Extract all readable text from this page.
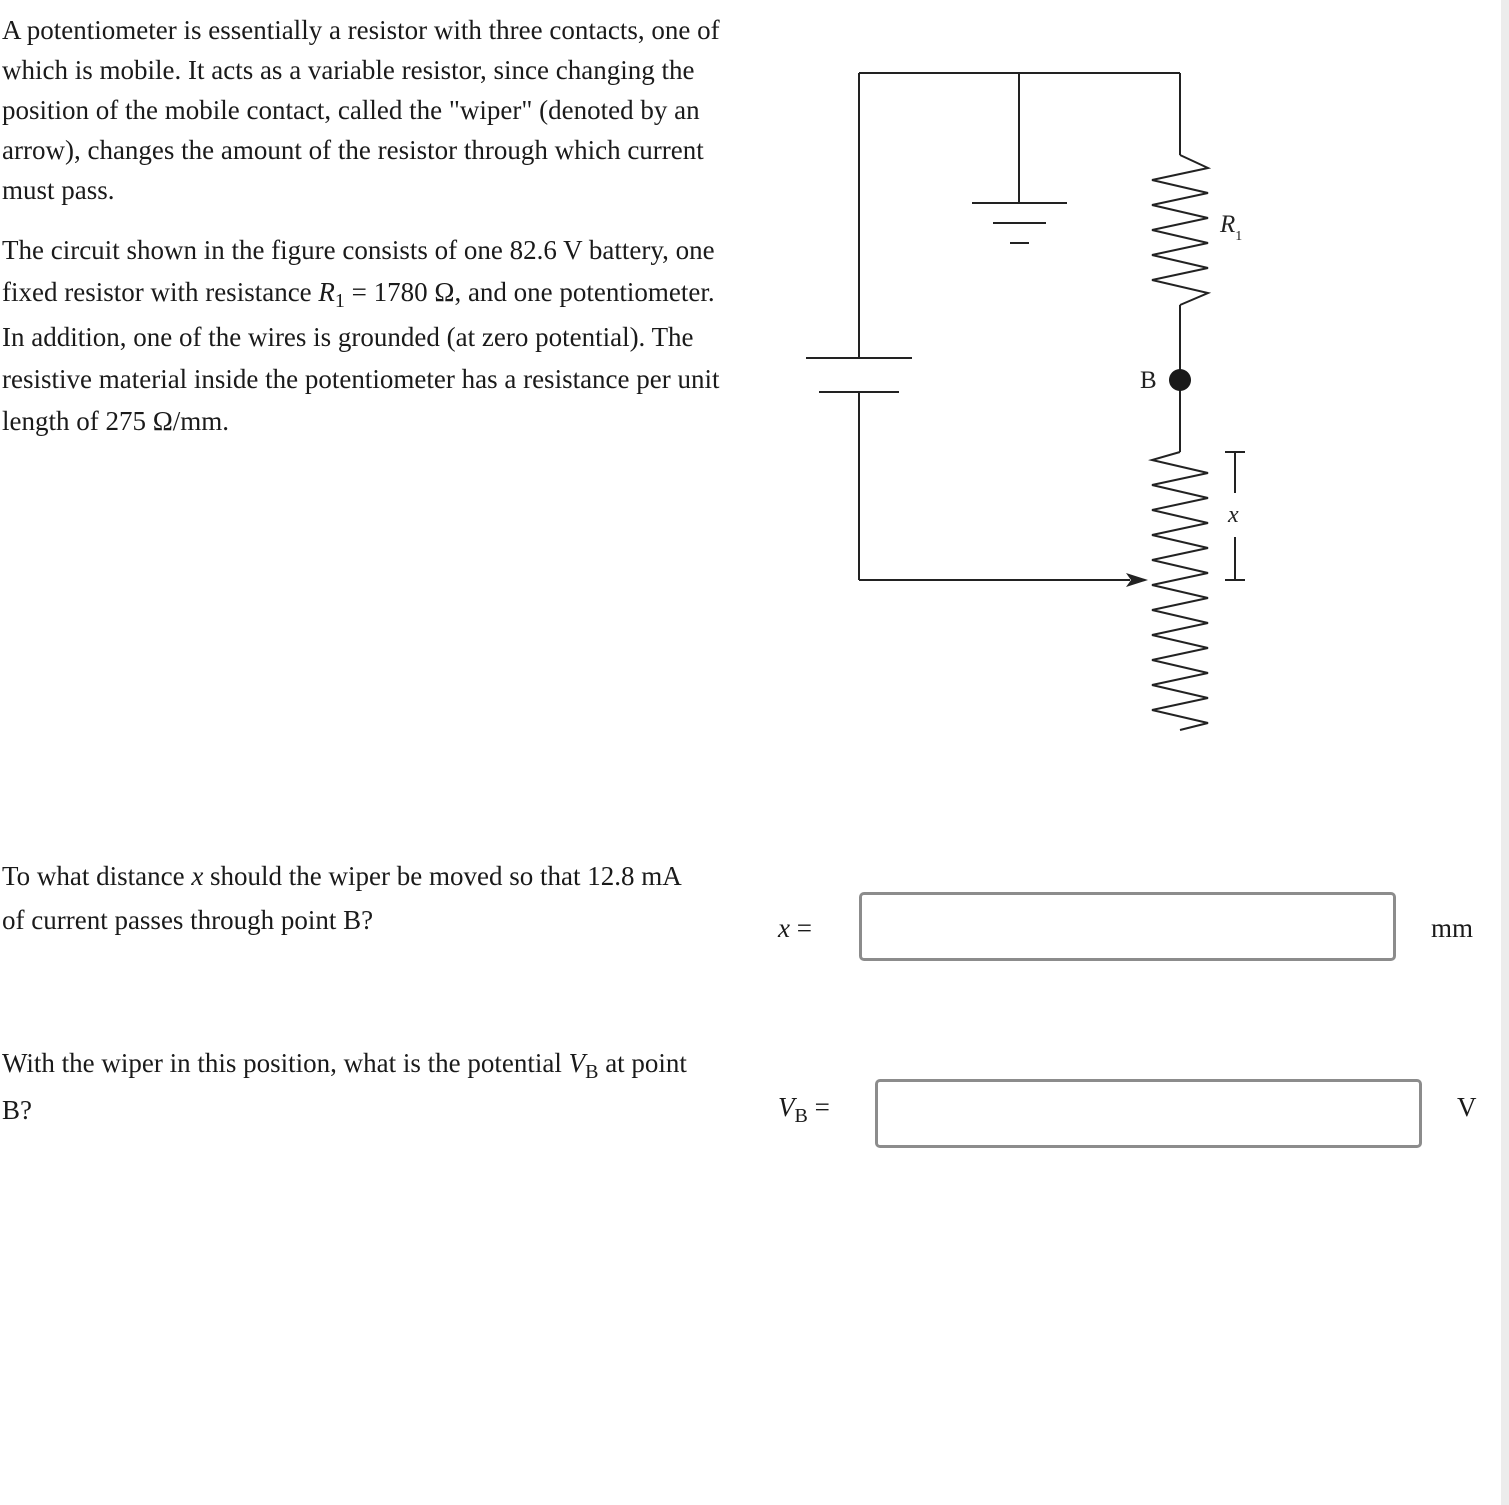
A potentiometer is essentially a resistor with three contacts, one of which is mobile. It acts as a variable resistor, since changing the position of the mobile contact, called the "wiper" (denoted by an arrow), changes the amount of the resistor through which current must pass.

The circuit shown in the figure consists of one 82.6 V battery, one fixed resistor with resistance $R_1 = 1780$ Ω, and one potentiometer. In addition, one of the wires is grounded (at zero potential). The resistive material inside the potentiometer has a resistance per unit length of 275 Ω/mm.

$R_1$
B
x

To what distance x should the wiper be moved so that 12.8 mA of current passes through point B?	x =	mm

With the wiper in this position, what is the potential $V_B$ at point B?	$V_B$ =	V
